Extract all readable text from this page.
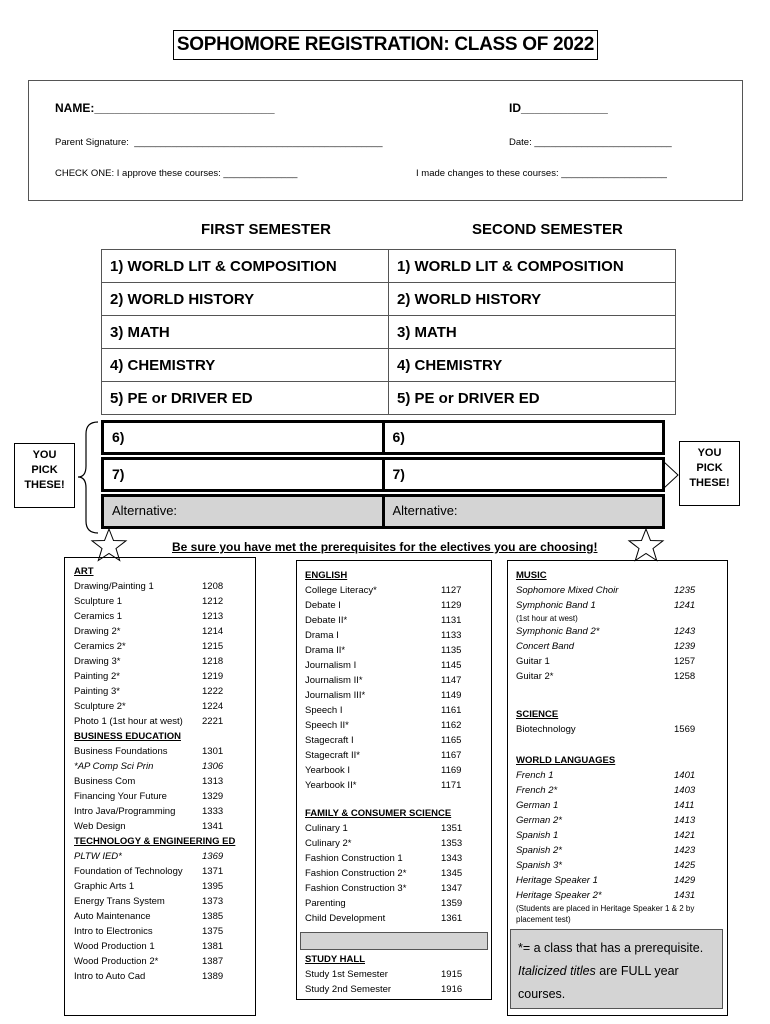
SOPHOMORE REGISTRATION: CLASS OF 2022
NAME:___________________________	ID_____________
Parent Signature:  _______________________________________________	Date: __________________________
CHECK ONE: I approve these courses: ______________	I made changes to these courses: ____________________
FIRST SEMESTER	SECOND SEMESTER
1) WORLD LIT & COMPOSITION	1) WORLD LIT & COMPOSITION
2) WORLD HISTORY	2) WORLD HISTORY
3) MATH	3) MATH
4) CHEMISTRY	4) CHEMISTRY
5) PE or DRIVER ED	5) PE or DRIVER ED
6)	6)
7)	7)
Alternative:	Alternative:
YOU
PICK
THESE!
YOU
PICK
THESE!
Be sure you have met the prerequisites for the electives you are choosing!
ART
Drawing/Painting 1	1208
Sculpture 1	1212
Ceramics 1	1213
Drawing 2*	1214
Ceramics 2*	1215
Drawing 3*	1218
Painting 2*	1219
Painting 3*	1222
Sculpture 2*	1224
Photo 1 (1st hour at west)	2221
BUSINESS EDUCATION
Business Foundations	1301
*AP Comp Sci Prin	1306
Business Com	1313
Financing Your Future	1329
Intro Java/Programming	1333
Web Design	1341
TECHNOLOGY & ENGINEERING ED
PLTW IED*	1369
Foundation of Technology	1371
Graphic Arts 1	1395
Energy Trans System	1373
Auto Maintenance	1385
Intro to Electronics	1375
Wood Production 1	1381
Wood Production 2*	1387
Intro to Auto Cad	1389
ENGLISH
College Literacy*	1127
Debate I	1129
Debate II*	1131
Drama I	1133
Drama II*	1135
Journalism I	1145
Journalism II*	1147
Journalism III*	1149
Speech I	1161
Speech II*	1162
Stagecraft I	1165
Stagecraft II*	1167
Yearbook I	1169
Yearbook II*	1171
FAMILY & CONSUMER SCIENCE
Culinary 1	1351
Culinary 2*	1353
Fashion Construction 1	1343
Fashion Construction 2*	1345
Fashion Construction 3*	1347
Parenting	1359
Child Development	1361
STUDY HALL
Study 1st Semester	1915
Study 2nd Semester	1916
MUSIC
Sophomore Mixed Choir	1235
Symphonic Band 1	1241
(1st hour at west)
Symphonic Band 2*	1243
Concert Band	1239
Guitar 1	1257
Guitar 2*	1258
SCIENCE
Biotechnology	1569
WORLD LANGUAGES
French 1	1401
French 2*	1403
German 1	1411
German 2*	1413
Spanish 1	1421
Spanish 2*	1423
Spanish 3*	1425
Heritage Speaker 1	1429
Heritage Speaker 2*	1431
(Students are placed in Heritage Speaker 1 & 2 by placement test)
*= a class that has a prerequisite.
Italicized titles are FULL year courses.
